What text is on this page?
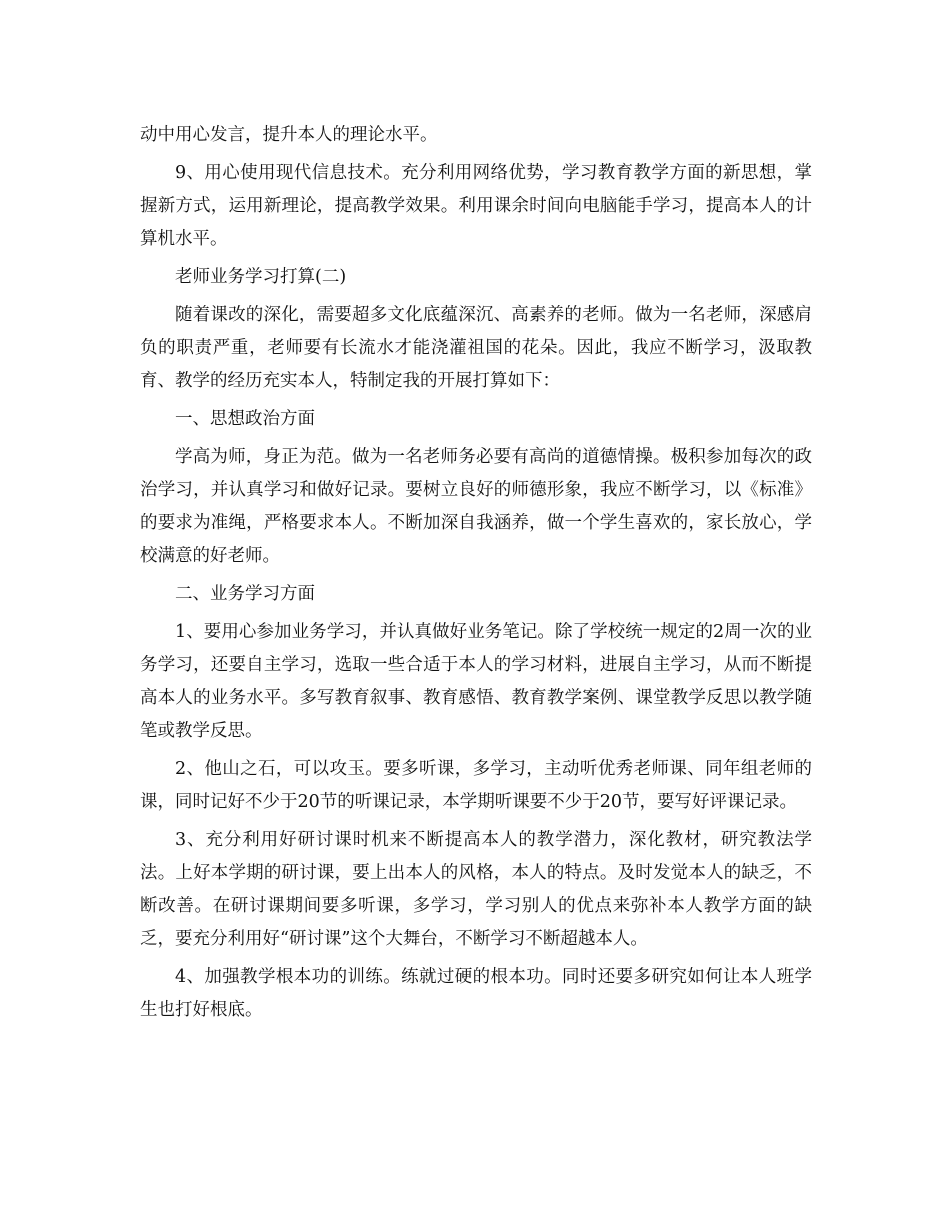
动中用心发言，提升本人的理论水平。

9、用心使用现代信息技术。充分利用网络优势，学习教育教学方面的新思想，掌握新方式，运用新理论，提高教学效果。利用课余时间向电脑能手学习，提高本人的计算机水平。

老师业务学习打算(二)

随着课改的深化，需要超多文化底蕴深沉、高素养的老师。做为一名老师，深感肩负的职责严重，老师要有长流水才能浇灌祖国的花朵。因此，我应不断学习，汲取教育、教学的经历充实本人，特制定我的开展打算如下：

一、思想政治方面

学高为师，身正为范。做为一名老师务必要有高尚的道德情操。极积参加每次的政治学习，并认真学习和做好记录。要树立良好的师德形象，我应不断学习，以《标准》的要求为准绳，严格要求本人。不断加深自我涵养，做一个学生喜欢的，家长放心，学校满意的好老师。

二、业务学习方面

1、要用心参加业务学习，并认真做好业务笔记。除了学校统一规定的2周一次的业务学习，还要自主学习，选取一些合适于本人的学习材料，进展自主学习，从而不断提高本人的业务水平。多写教育叙事、教育感悟、教育教学案例、课堂教学反思以教学随笔或教学反思。

2、他山之石，可以攻玉。要多听课，多学习，主动听优秀老师课、同年组老师的课，同时记好不少于20节的听课记录，本学期听课要不少于20节，要写好评课记录。

3、充分利用好研讨课时机来不断提高本人的教学潜力，深化教材，研究教法学法。上好本学期的研讨课，要上出本人的风格，本人的特点。及时发觉本人的缺乏，不断改善。在研讨课期间要多听课，多学习，学习别人的优点来弥补本人教学方面的缺乏，要充分利用好“研讨课”这个大舞台，不断学习不断超越本人。

4、加强教学根本功的训练。练就过硬的根本功。同时还要多研究如何让本人班学生也打好根底。
